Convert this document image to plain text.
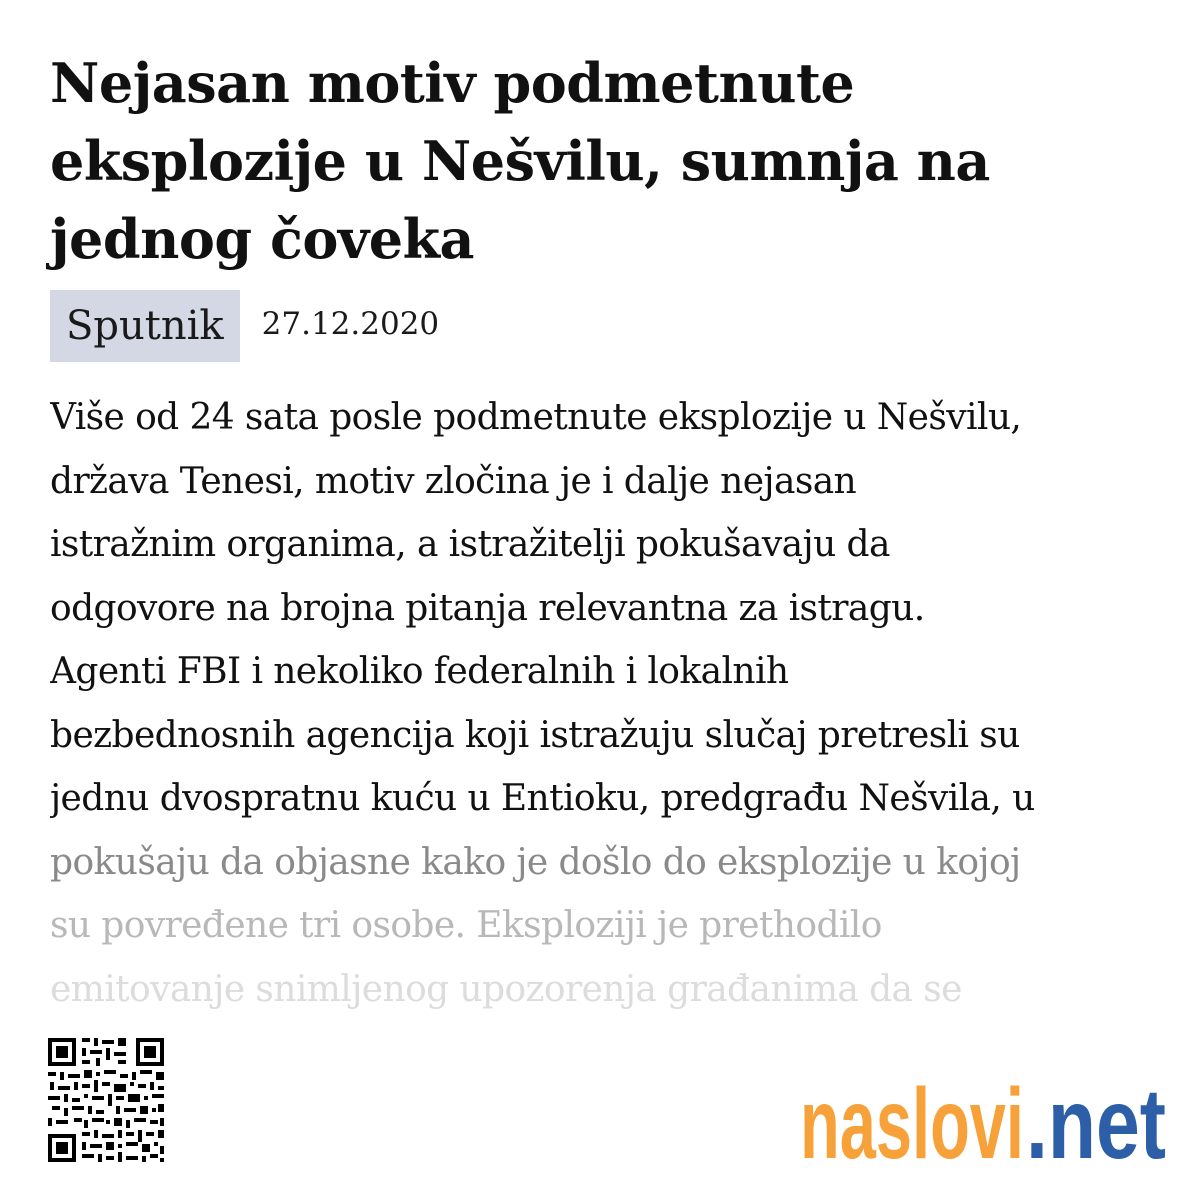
Nejasan motiv podmetnute eksplozije u Nešvilu, sumnja na jednog čoveka
Sputnik	27.12.2020
Više od 24 sata posle podmetnute eksplozije u Nešvilu,
država Tenesi, motiv zločina je i dalje nejasan
istražnim organima, a istražitelji pokušavaju da
odgovore na brojna pitanja relevantna za istragu.
Agenti FBI i nekoliko federalnih i lokalnih
bezbednosnih agencija koji istražuju slučaj pretresli su
jednu dvospratnu kuću u Entioku, predgrađu Nešvila, u
pokušaju da objasne kako je došlo do eksplozije u kojoj
su povređene tri osobe. Eksploziji je prethodilo
emitovanje snimljenog upozorenja građanima da se
naslovi .net
